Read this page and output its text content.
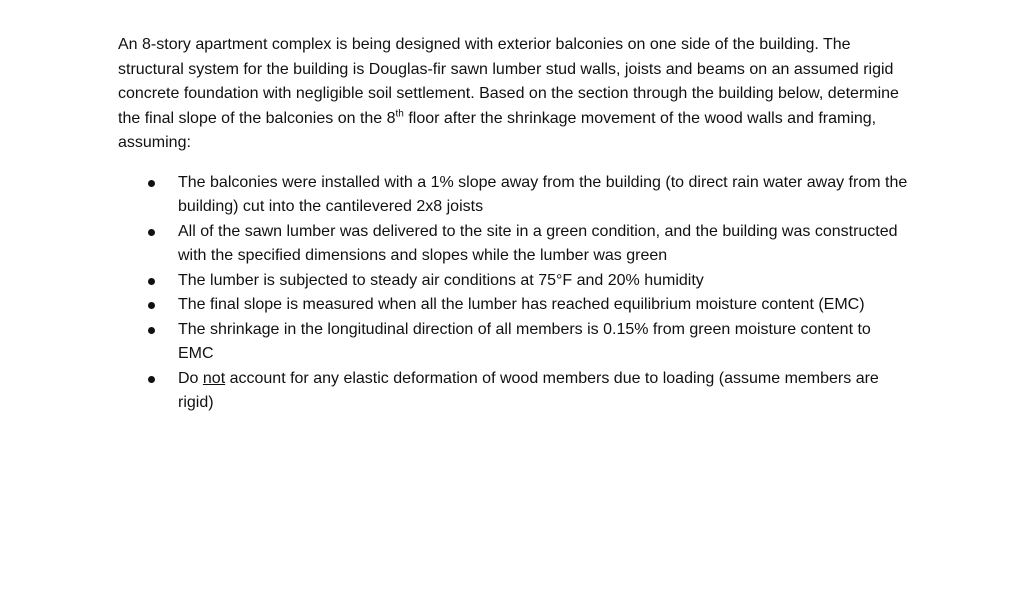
An 8-story apartment complex is being designed with exterior balconies on one side of the building. The structural system for the building is Douglas-fir sawn lumber stud walls, joists and beams on an assumed rigid concrete foundation with negligible soil settlement. Based on the section through the building below, determine the final slope of the balconies on the 8th floor after the shrinkage movement of the wood walls and framing, assuming:

The balconies were installed with a 1% slope away from the building (to direct rain water away from the building) cut into the cantilevered 2x8 joists
All of the sawn lumber was delivered to the site in a green condition, and the building was constructed with the specified dimensions and slopes while the lumber was green
The lumber is subjected to steady air conditions at 75°F and 20% humidity
The final slope is measured when all the lumber has reached equilibrium moisture content (EMC)
The shrinkage in the longitudinal direction of all members is 0.15% from green moisture content to EMC
Do not account for any elastic deformation of wood members due to loading (assume members are rigid)
